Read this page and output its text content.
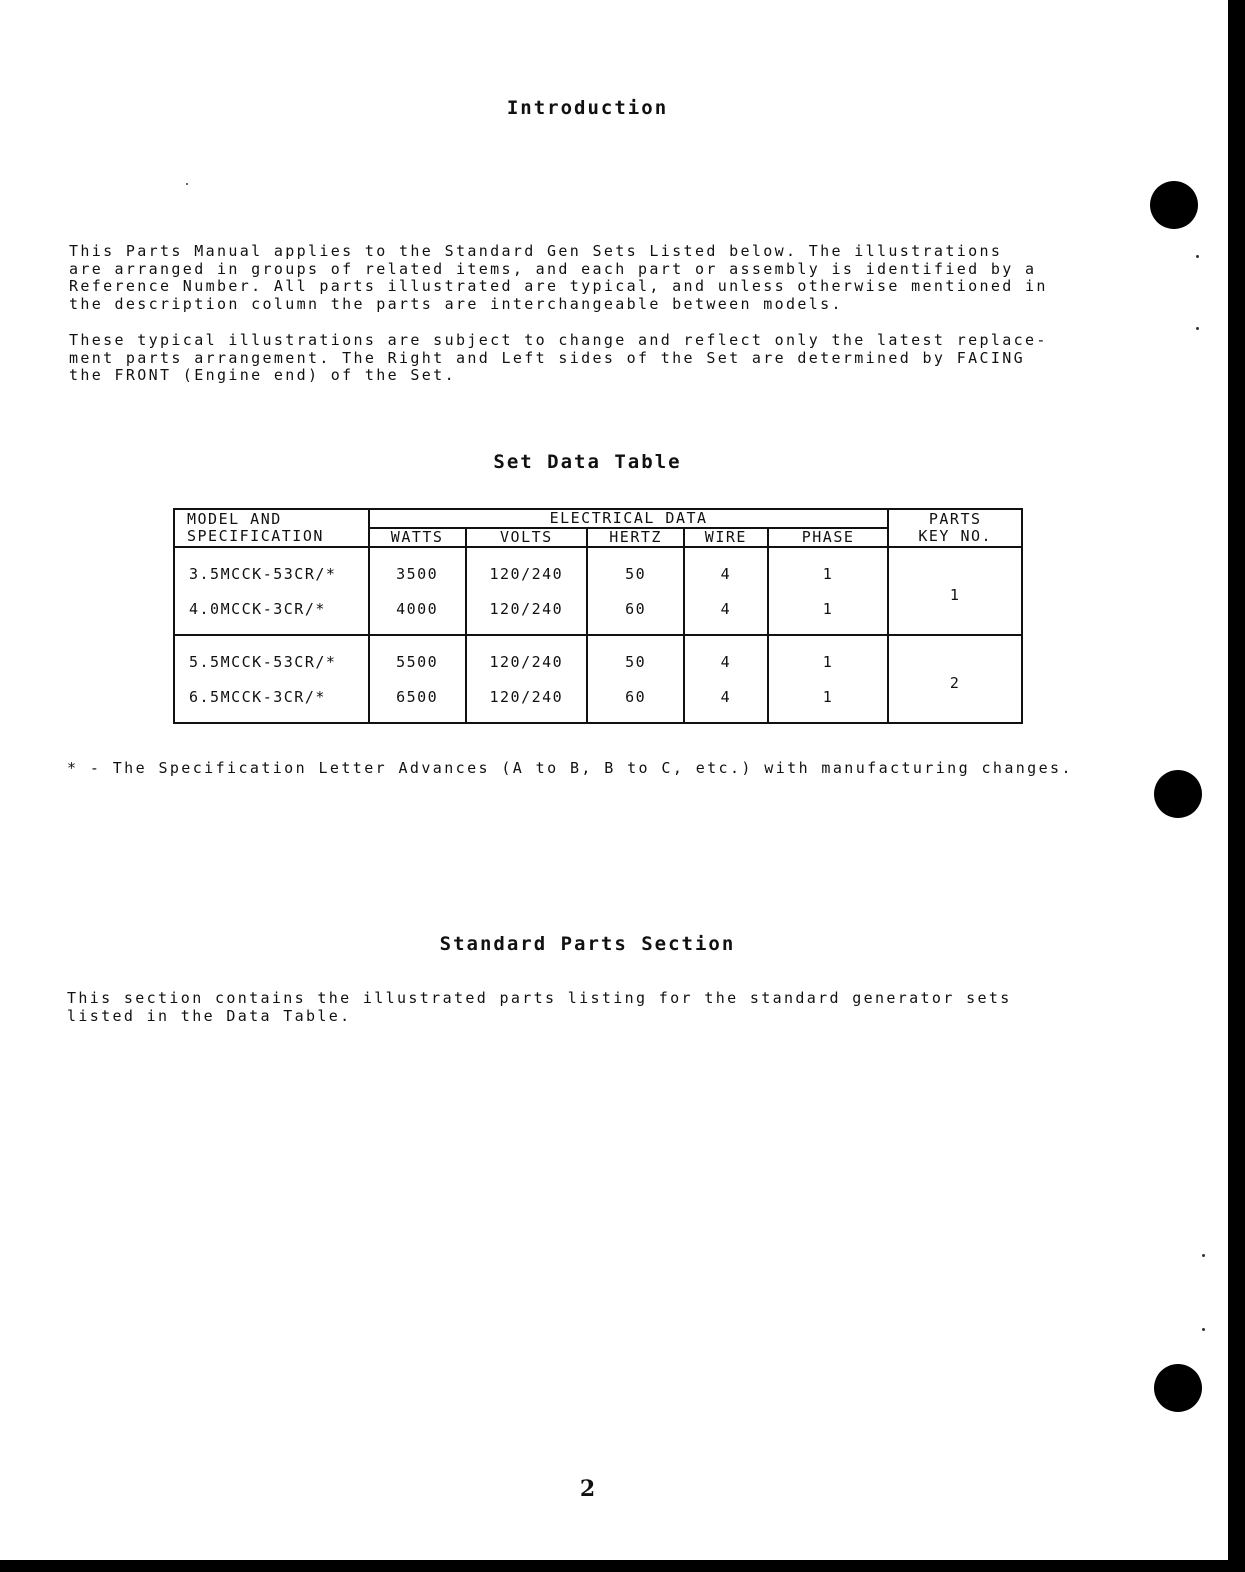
Introduction
This Parts Manual applies to the Standard Gen Sets Listed below. The illustrations
are arranged in groups of related items, and each part or assembly is identified by a
Reference Number. All parts illustrated are typical, and unless otherwise mentioned in
the description column the parts are interchangeable between models.
These typical illustrations are subject to change and reflect only the latest replace-
ment parts arrangement. The Right and Left sides of the Set are determined by FACING
the FRONT (Engine end) of the Set.
Set Data Table
MODEL AND
SPECIFICATION	ELECTRICAL DATA					PARTS
KEY NO.
	WATTS	VOLTS	HERTZ	WIRE	PHASE	
3.5MCCK-53CR/*	3500	120/240	50	4	1	1
4.0MCCK-3CR/*	4000	120/240	60	4	1	
5.5MCCK-53CR/*	5500	120/240	50	4	1	2
6.5MCCK-3CR/*	6500	120/240	60	4	1	
* - The Specification Letter Advances (A to B, B to C, etc.) with manufacturing changes.
Standard Parts Section
This section contains the illustrated parts listing for the standard generator sets
listed in the Data Table.
2
